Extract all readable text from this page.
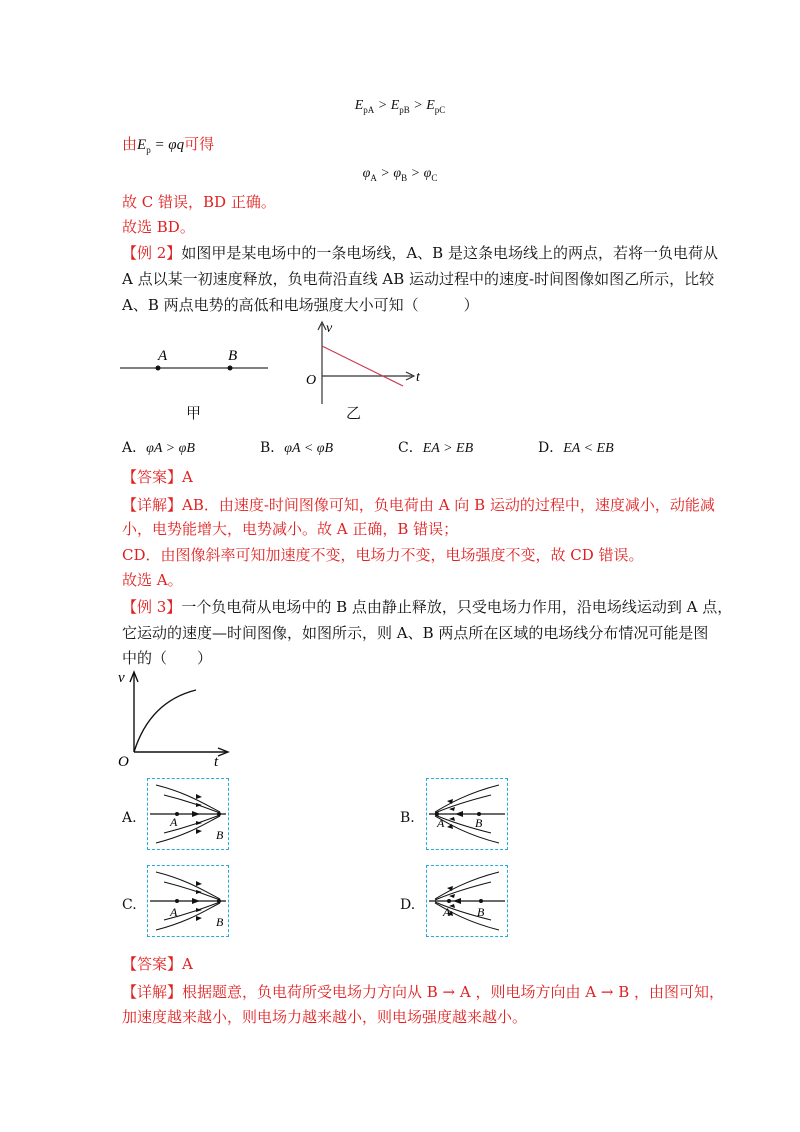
$E_{pA} > E_{pB} > E_{pC}$
由$E_p = \varphi q$可得
$\varphi_A > \varphi_B > \varphi_C$
故 C 错误，BD 正确。
故选 BD。
【例 2】如图甲是某电场中的一条电场线，A、B 是这条电场线上的两点，若将一负电荷从
A 点以某一初速度释放，负电荷沿直线 AB 运动过程中的速度-时间图像如图乙所示，比较
A、B 两点电势的高低和电场强度大小可知（　　　）
A	B
甲
v
t
O
乙
A．φA > φB	B．φA < φB	C．EA > EB	D．EA < EB
【答案】A
【详解】AB．由速度-时间图像可知，负电荷由 A 向 B 运动的过程中，速度减小，动能减
小，电势能增大，电势减小。故 A 正确，B 错误；
CD．由图像斜率可知加速度不变，电场力不变，电场强度不变，故 CD 错误。
故选 A。
【例 3】一个负电荷从电场中的 B 点由静止释放，只受电场力作用，沿电场线运动到 A 点，
它运动的速度—时间图像，如图所示，则 A、B 两点所在区域的电场线分布情况可能是图
中的（　　）
v
t
O
A.	A
B
B. A	B
C.	A
B
D. A B
【答案】A
【详解】根据题意，负电荷所受电场力方向从 B → A ，则电场方向由 A → B ，由图可知，
加速度越来越小，则电场力越来越小，则电场强度越来越小。
